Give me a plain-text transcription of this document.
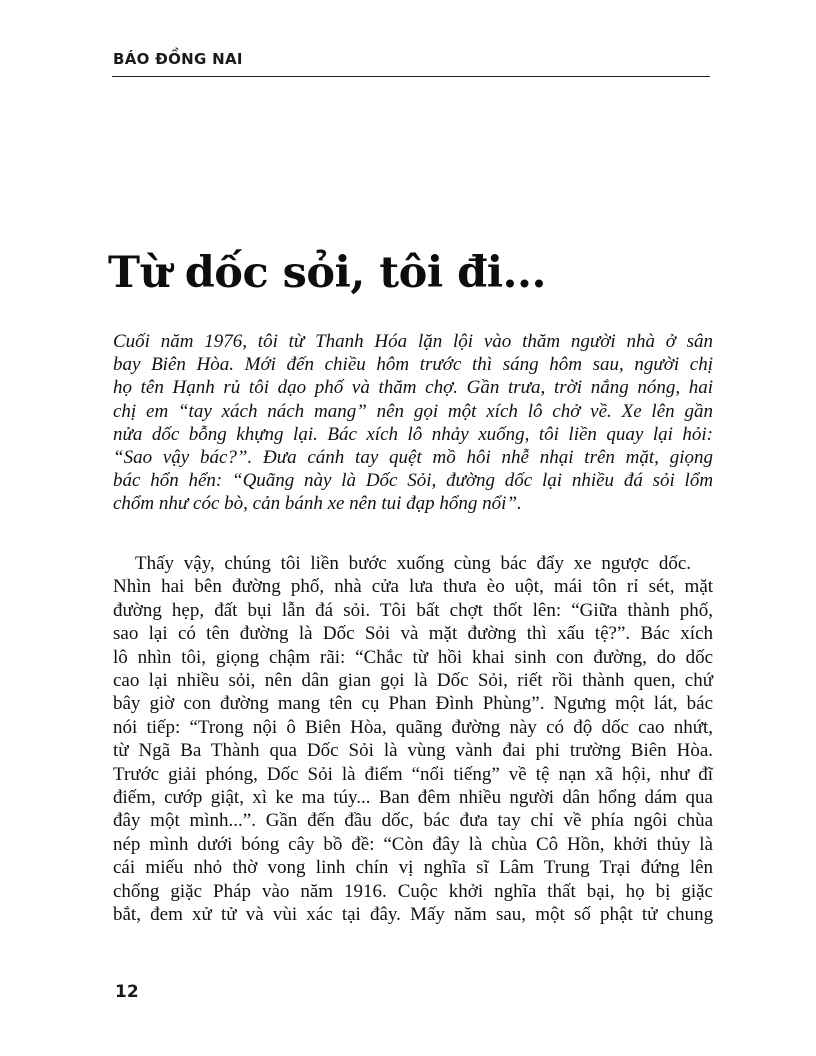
BÁO ĐỒNG NAI
Từ dốc sỏi, tôi đi...
Cuối năm 1976, tôi từ Thanh Hóa lặn lội vào thăm người nhà ở sân
bay Biên Hòa. Mới đến chiều hôm trước thì sáng hôm sau, người chị
họ tên Hạnh rủ tôi dạo phố và thăm chợ. Gần trưa, trời nắng nóng, hai
chị em “tay xách nách mang” nên gọi một xích lô chở về. Xe lên gần
nửa dốc bỗng khựng lại. Bác xích lô nhảy xuống, tôi liền quay lại hỏi:
“Sao vậy bác?”. Đưa cánh tay quệt mồ hôi nhễ nhại trên mặt, giọng
bác hổn hển: “Quãng này là Dốc Sỏi, đường dốc lại nhiều đá sỏi lổm
chổm như cóc bò, cản bánh xe nên tui đạp hổng nổi”.
Thấy vậy, chúng tôi liền bước xuống cùng bác đẩy xe ngược dốc.
Nhìn hai bên đường phố, nhà cửa lưa thưa èo uột, mái tôn rỉ sét, mặt
đường hẹp, đất bụi lẫn đá sỏi. Tôi bất chợt thốt lên: “Giữa thành phố,
sao lại có tên đường là Dốc Sỏi và mặt đường thì xấu tệ?”. Bác xích
lô nhìn tôi, giọng chậm rãi: “Chắc từ hồi khai sinh con đường, do dốc
cao lại nhiều sỏi, nên dân gian gọi là Dốc Sỏi, riết rồi thành quen, chứ
bây giờ con đường mang tên cụ Phan Đình Phùng”. Ngưng một lát, bác
nói tiếp: “Trong nội ô Biên Hòa, quãng đường này có độ dốc cao nhứt,
từ Ngã Ba Thành qua Dốc Sỏi là vùng vành đai phi trường Biên Hòa.
Trước giải phóng, Dốc Sỏi là điểm “nổi tiếng” về tệ nạn xã hội, như đĩ
điếm, cướp giật, xì ke ma túy... Ban đêm nhiều người dân hổng dám qua
đây một mình...”. Gần đến đầu dốc, bác đưa tay chỉ về phía ngôi chùa
nép mình dưới bóng cây bồ đề: “Còn đây là chùa Cô Hồn, khởi thủy là
cái miếu nhỏ thờ vong linh chín vị nghĩa sĩ Lâm Trung Trại đứng lên
chống giặc Pháp vào năm 1916. Cuộc khởi nghĩa thất bại, họ bị giặc
bắt, đem xử tử và vùi xác tại đây. Mấy năm sau, một số phật tử chung
12
